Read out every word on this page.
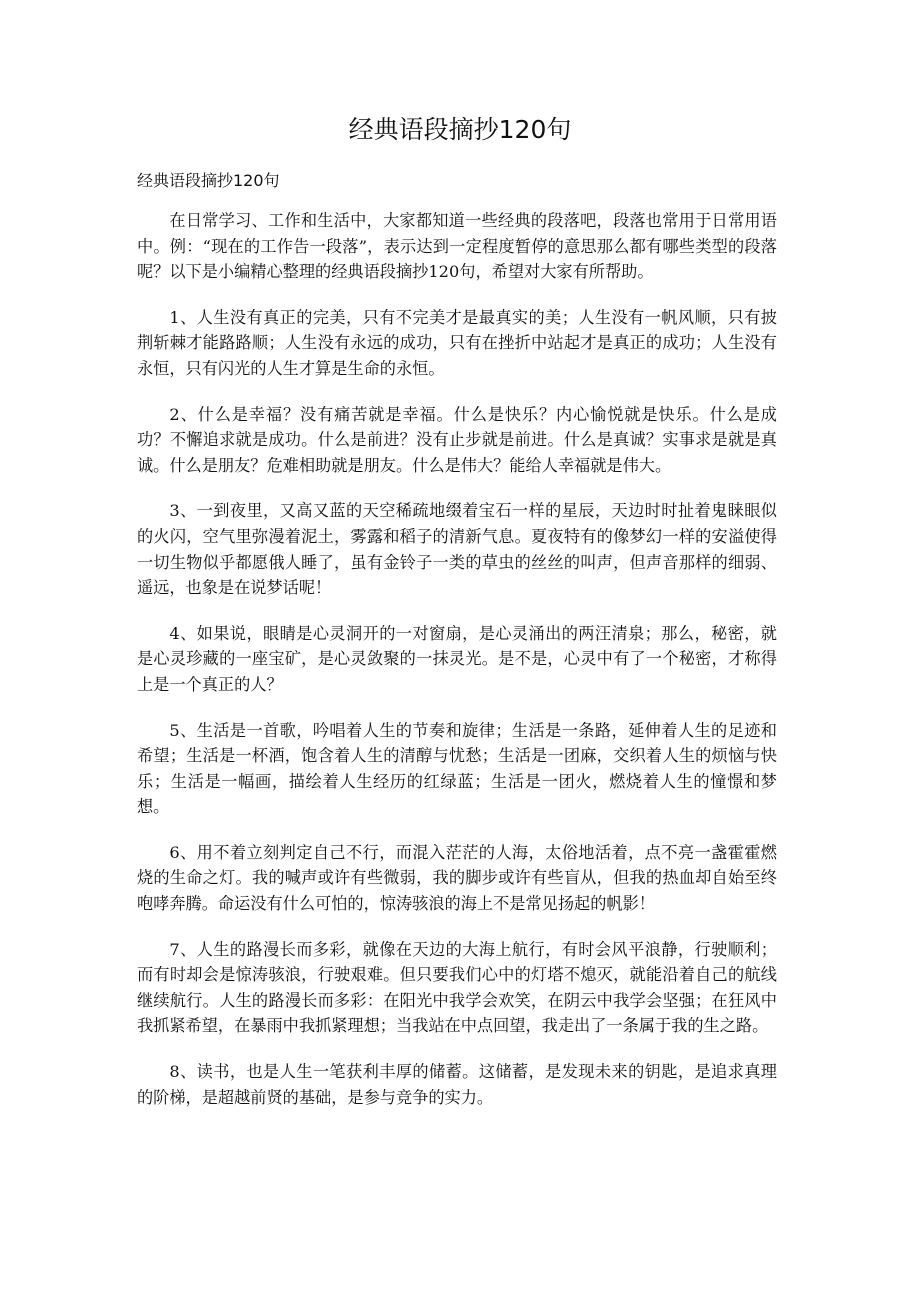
经典语段摘抄120句

经典语段摘抄120句

在日常学习、工作和生活中，大家都知道一些经典的段落吧，段落也常用于日常用语中。例：“现在的工作告一段落”，表示达到一定程度暂停的意思那么都有哪些类型的段落呢？以下是小编精心整理的经典语段摘抄120句，希望对大家有所帮助。

1、人生没有真正的完美，只有不完美才是最真实的美；人生没有一帆风顺，只有披荆斩棘才能路路顺；人生没有永远的成功，只有在挫折中站起才是真正的成功；人生没有永恒，只有闪光的人生才算是生命的永恒。

2、什么是幸福？没有痛苦就是幸福。什么是快乐？内心愉悦就是快乐。什么是成功？不懈追求就是成功。什么是前进？没有止步就是前进。什么是真诚？实事求是就是真诚。什么是朋友？危难相助就是朋友。什么是伟大？能给人幸福就是伟大。

3、一到夜里，又高又蓝的天空稀疏地缀着宝石一样的星辰，天边时时扯着鬼睐眼似的火闪，空气里弥漫着泥土，雾露和稻子的清新气息。夏夜特有的像梦幻一样的安溢使得一切生物似乎都愿俄人睡了，虽有金铃子一类的草虫的丝丝的叫声，但声音那样的细弱、遥远，也象是在说梦话呢！

4、如果说，眼睛是心灵洞开的一对窗扇，是心灵涌出的两汪清泉；那么，秘密，就是心灵珍藏的一座宝矿，是心灵敛聚的一抹灵光。是不是，心灵中有了一个秘密，才称得上是一个真正的人？

5、生活是一首歌，吟唱着人生的节奏和旋律；生活是一条路，延伸着人生的足迹和希望；生活是一杯酒，饱含着人生的清醇与忧愁；生活是一团麻，交织着人生的烦恼与快乐；生活是一幅画，描绘着人生经历的红绿蓝；生活是一团火，燃烧着人生的憧憬和梦想。

6、用不着立刻判定自己不行，而混入茫茫的人海，太俗地活着，点不亮一盏霍霍燃烧的生命之灯。我的喊声或许有些微弱，我的脚步或许有些盲从，但我的热血却自始至终咆哮奔腾。命运没有什么可怕的，惊涛骇浪的海上不是常见扬起的帆影！

7、人生的路漫长而多彩，就像在天边的大海上航行，有时会风平浪静，行驶顺利；而有时却会是惊涛骇浪，行驶艰难。但只要我们心中的灯塔不熄灭，就能沿着自己的航线继续航行。人生的路漫长而多彩：在阳光中我学会欢笑，在阴云中我学会坚强；在狂风中我抓紧希望，在暴雨中我抓紧理想；当我站在中点回望，我走出了一条属于我的生之路。

8、读书，也是人生一笔获利丰厚的储蓄。这储蓄，是发现未来的钥匙，是追求真理的阶梯，是超越前贤的基础，是参与竞争的实力。
